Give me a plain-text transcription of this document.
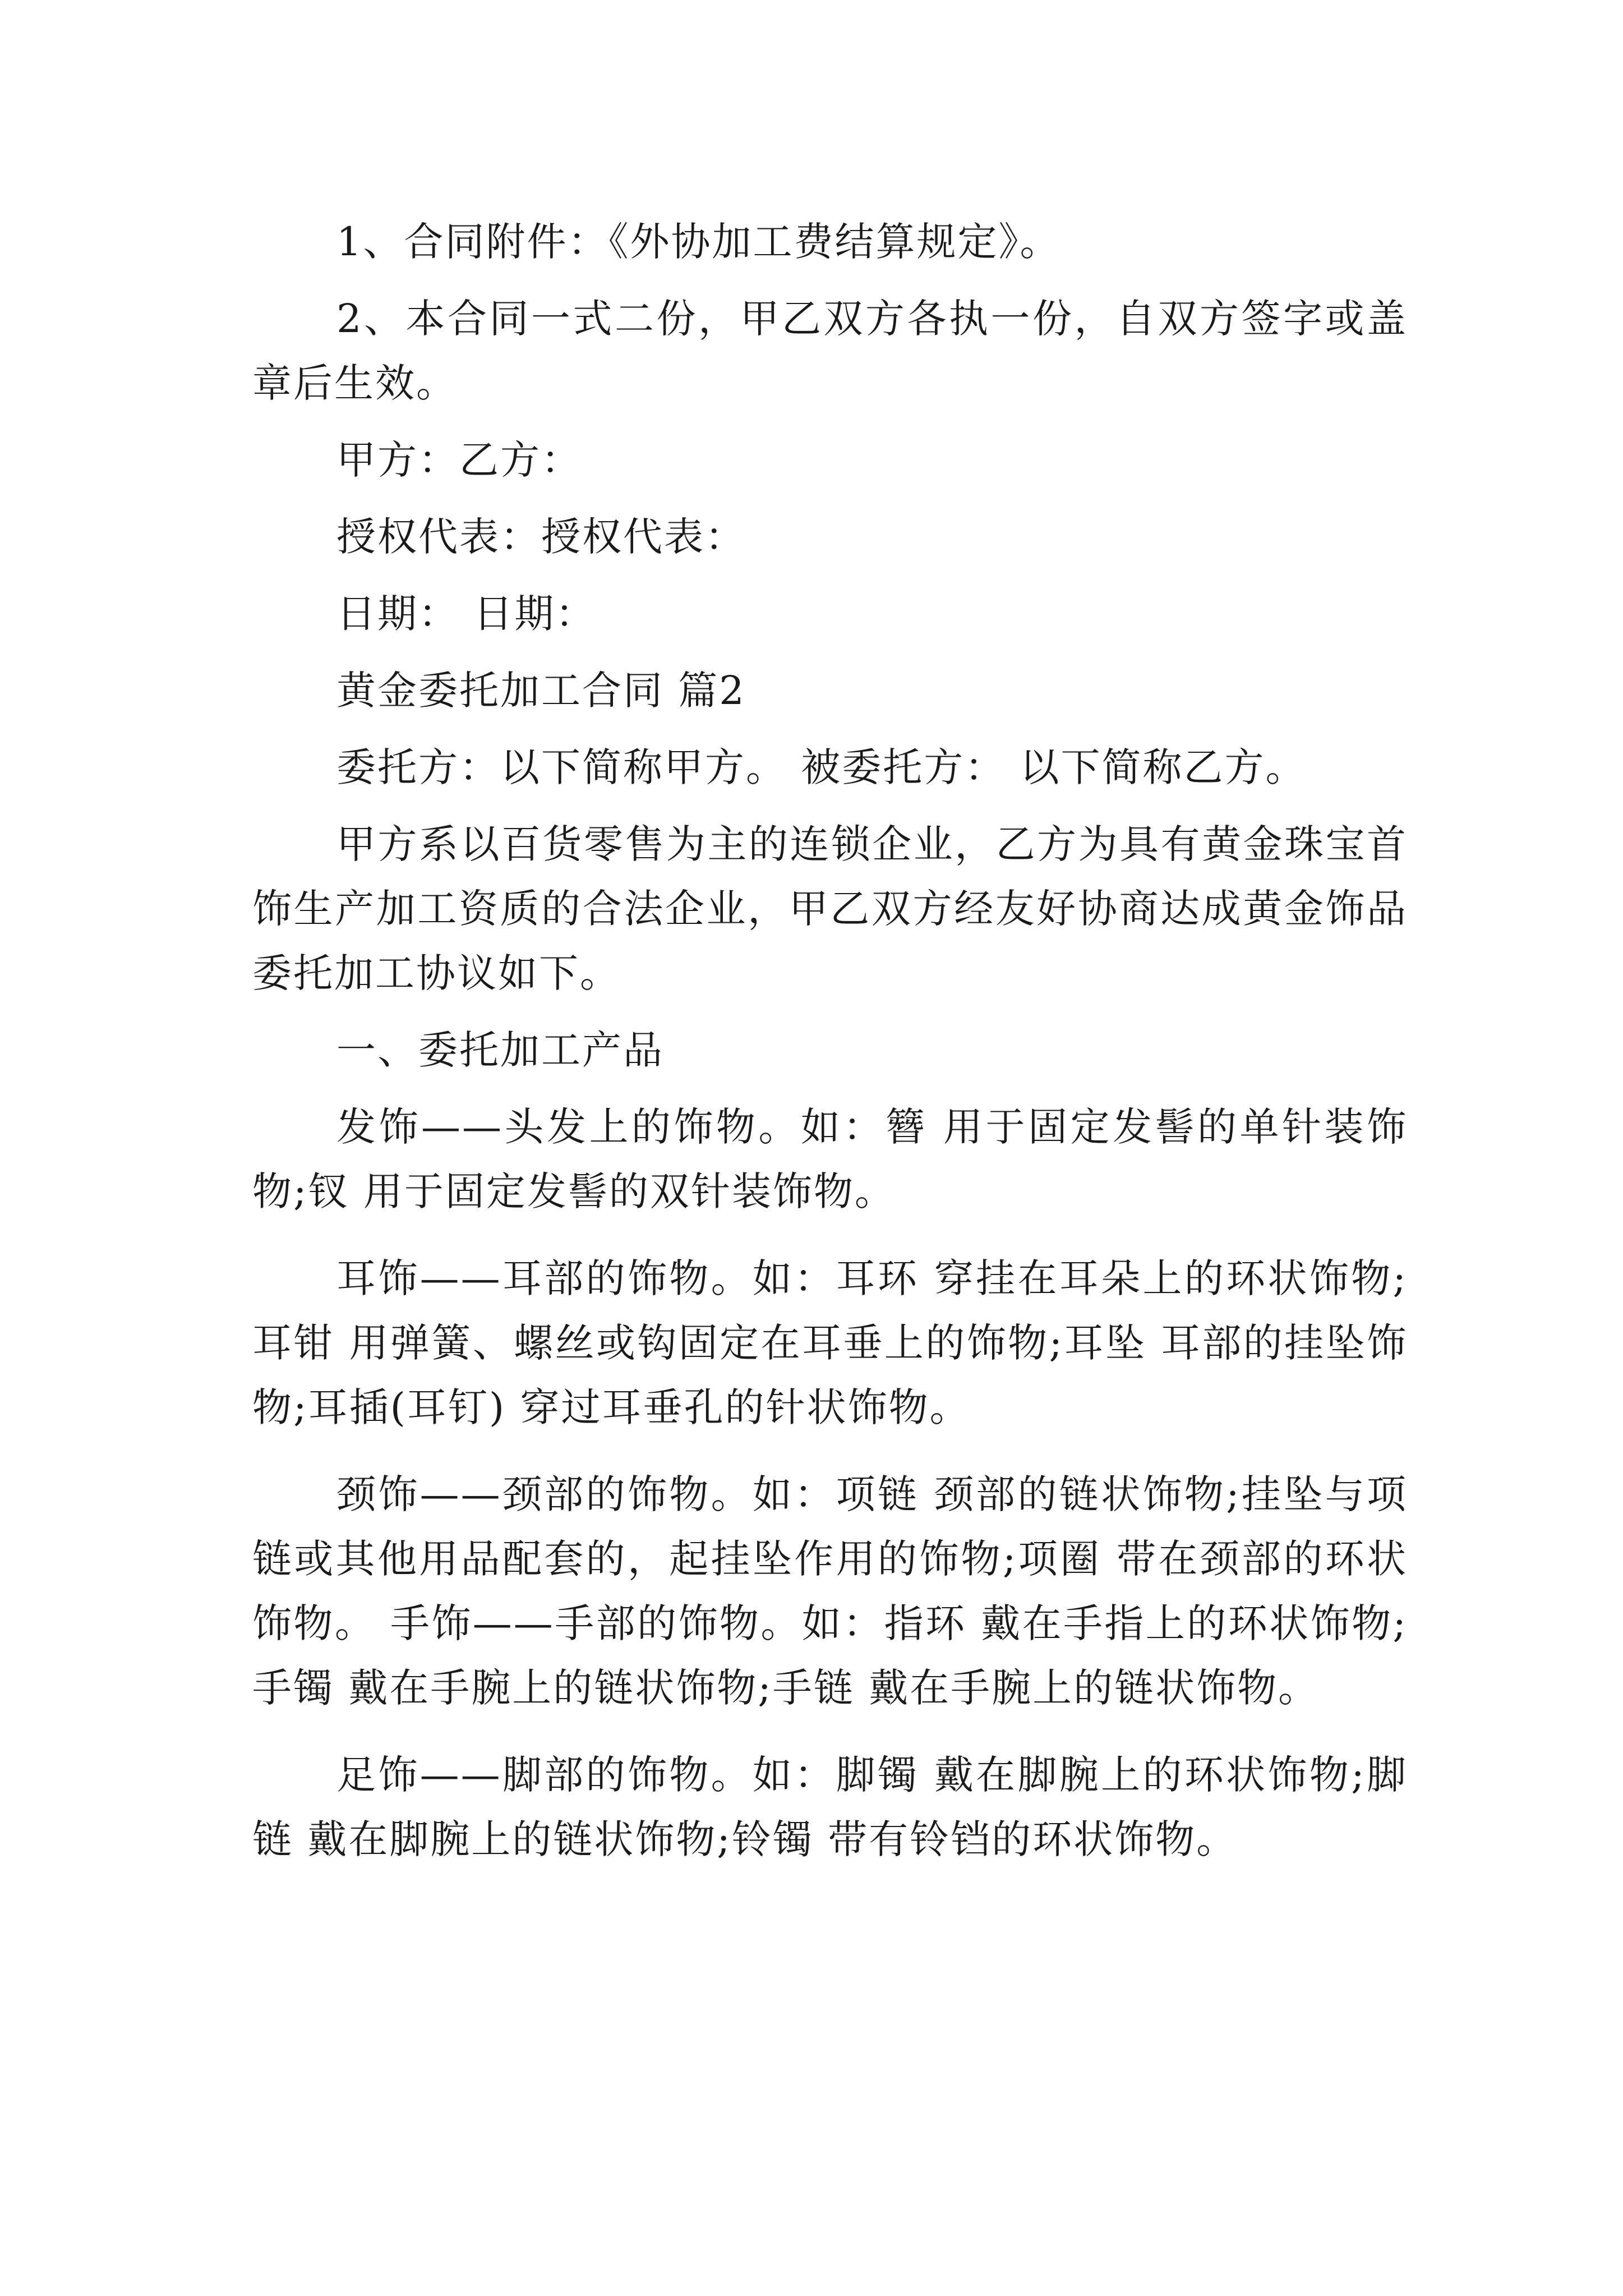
1、合同附件：《外协加工费结算规定》。

2、本合同一式二份，甲乙双方各执一份，自双方签字或盖章后生效。

甲方：乙方：

授权代表：授权代表：

日期： 日期：

黄金委托加工合同 篇2

委托方：以下简称甲方。 被委托方： 以下简称乙方。

甲方系以百货零售为主的连锁企业，乙方为具有黄金珠宝首饰生产加工资质的合法企业，甲乙双方经友好协商达成黄金饰品委托加工协议如下。

一、委托加工产品

发饰——头发上的饰物。如：簪 用于固定发髻的单针装饰物;钗 用于固定发髻的双针装饰物。

耳饰——耳部的饰物。如：耳环 穿挂在耳朵上的环状饰物;耳钳 用弹簧、螺丝或钩固定在耳垂上的饰物;耳坠 耳部的挂坠饰物;耳插(耳钉) 穿过耳垂孔的针状饰物。

颈饰——颈部的饰物。如：项链 颈部的链状饰物;挂坠与项链或其他用品配套的，起挂坠作用的饰物;项圈 带在颈部的环状饰物。 手饰——手部的饰物。如：指环 戴在手指上的环状饰物;手镯 戴在手腕上的链状饰物;手链 戴在手腕上的链状饰物。

足饰——脚部的饰物。如：脚镯 戴在脚腕上的环状饰物;脚链 戴在脚腕上的链状饰物;铃镯 带有铃铛的环状饰物。
